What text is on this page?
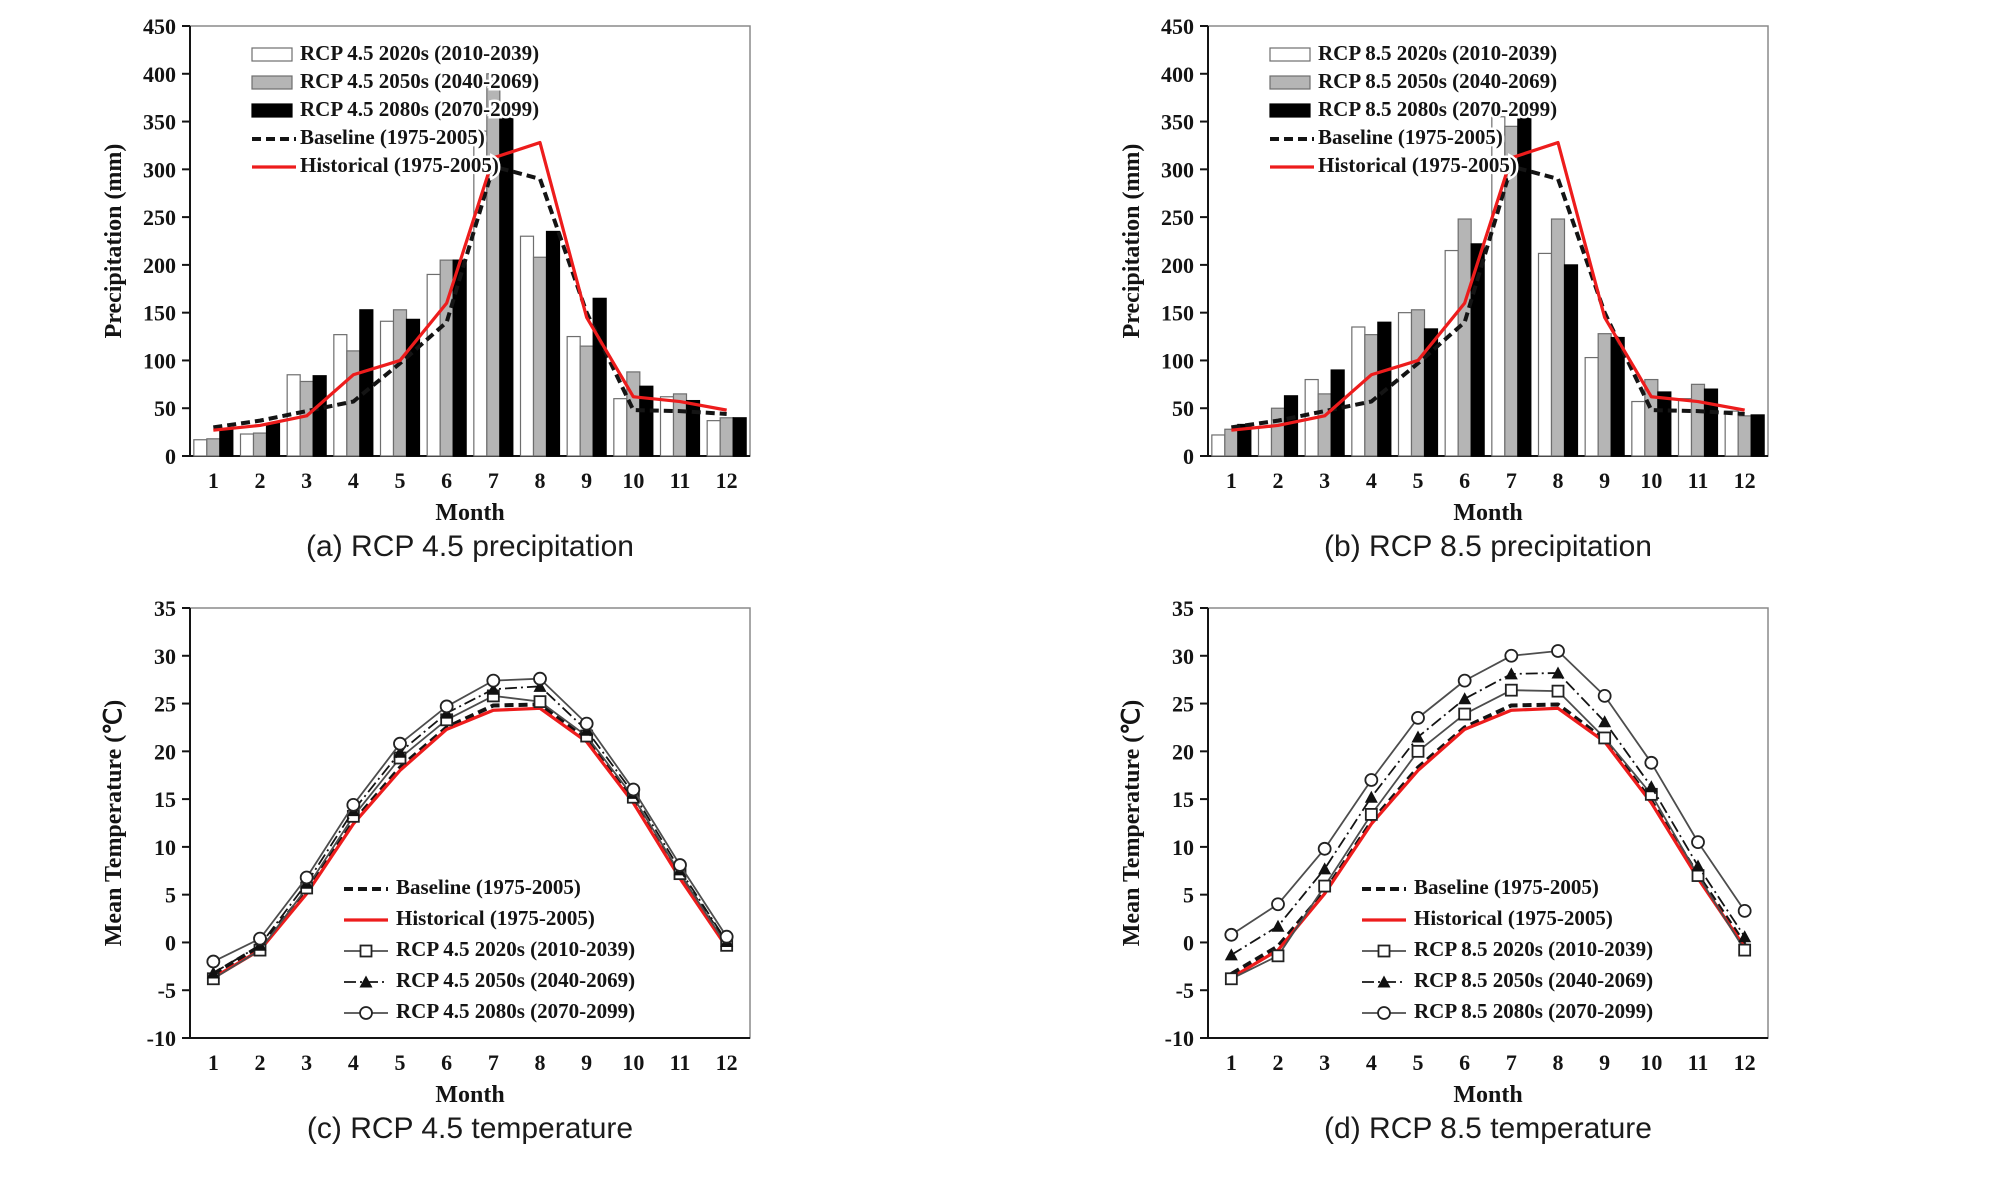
0
50
100
150
200
250
300
350
400
450
1 2 3 4 5 6 7 8 9 10 11 12
Month
Precipitation (mm)
RCP 4.5 2020s (2010-2039)
RCP 4.5 2050s (2040-2069)
RCP 4.5 2080s (2070-2099)
Baseline (1975-2005)
Historical (1975-2005)
(a) RCP 4.5 precipitation
0
50
100
150
200
250
300
350
400
450
1 2 3 4 5 6 7 8 9 10 11 12
Month
Precipitation (mm)
RCP 8.5 2020s (2010-2039)
RCP 8.5 2050s (2040-2069)
RCP 8.5 2080s (2070-2099)
Baseline (1975-2005)
Historical (1975-2005)
(b) RCP 8.5 precipitation
-10
-5
0
5
10
15
20
25
30
35
1 2 3 4 5 6 7 8 9 10 11 12
Month
Mean Temperature (℃)	Baseline (1975-2005)
Historical (1975-2005)
RCP 4.5 2020s (2010-2039)
RCP 4.5 2050s (2040-2069)
RCP 4.5 2080s (2070-2099)
(c) RCP 4.5 temperature
-10
-5
0
5
10
15
20
25
30
35
1 2 3 4 5 6 7 8 9 10 11 12
Month
Mean Temperature (℃)	Baseline (1975-2005)
Historical (1975-2005)
RCP 8.5 2020s (2010-2039)
RCP 8.5 2050s (2040-2069)
RCP 8.5 2080s (2070-2099)
(d) RCP 8.5 temperature
